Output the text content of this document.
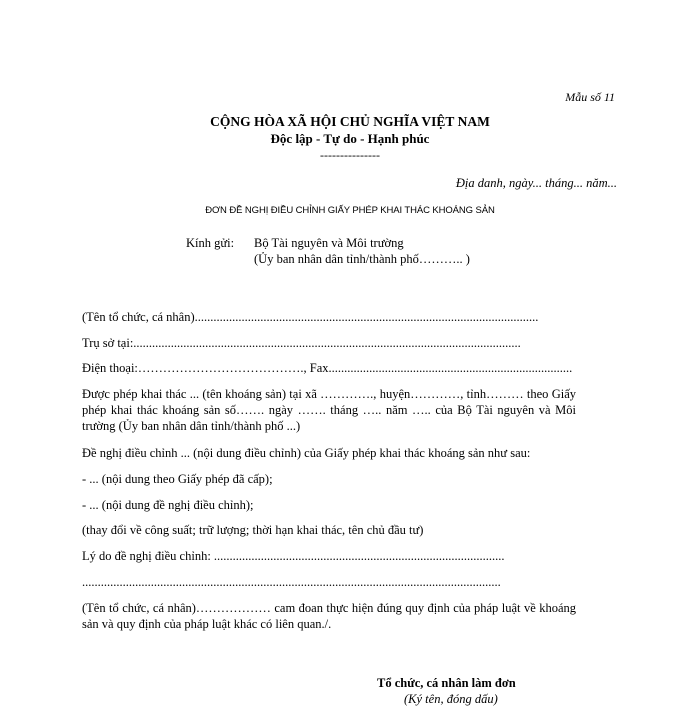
Mẫu số 11
CỘNG HÒA XÃ HỘI CHỦ NGHĨA VIỆT NAM
Độc lập - Tự do - Hạnh phúc
---------------
Địa danh, ngày... tháng... năm...
ĐƠN ĐỀ NGHỊ ĐIỀU CHỈNH GIẤY PHÉP KHAI THÁC KHOÁNG SẢN
Kính gửi: Bộ Tài nguyên và Môi trường
(Ủy ban nhân dân tỉnh/thành phố……….. )
(Tên tổ chức, cá nhân)..............................................................................................................
Trụ sở tại:............................................................................................................................
Điện thoại:…………………………………., Fax..............................................................................
Được phép khai thác ... (tên khoáng sản) tại xã …………., huyện…………, tỉnh……… theo Giấy phép khai thác khoáng sản số……. ngày ……. tháng ….. năm ….. của Bộ Tài nguyên và Môi trường (Ủy ban nhân dân tỉnh/thành phố ...)
Đề nghị điều chỉnh ... (nội dung điều chỉnh) của Giấy phép khai thác khoáng sản như sau:
- ... (nội dung theo Giấy phép đã cấp);
- ... (nội dung đề nghị điều chỉnh);
(thay đổi về công suất; trữ lượng; thời hạn khai thác, tên chủ đầu tư)
Lý do đề nghị điều chỉnh: .............................................................................................
......................................................................................................................................
(Tên tổ chức, cá nhân)……………… cam đoan thực hiện đúng quy định của pháp luật về khoáng sản và quy định của pháp luật khác có liên quan./.
Tổ chức, cá nhân làm đơn
(Ký tên, đóng dấu)
